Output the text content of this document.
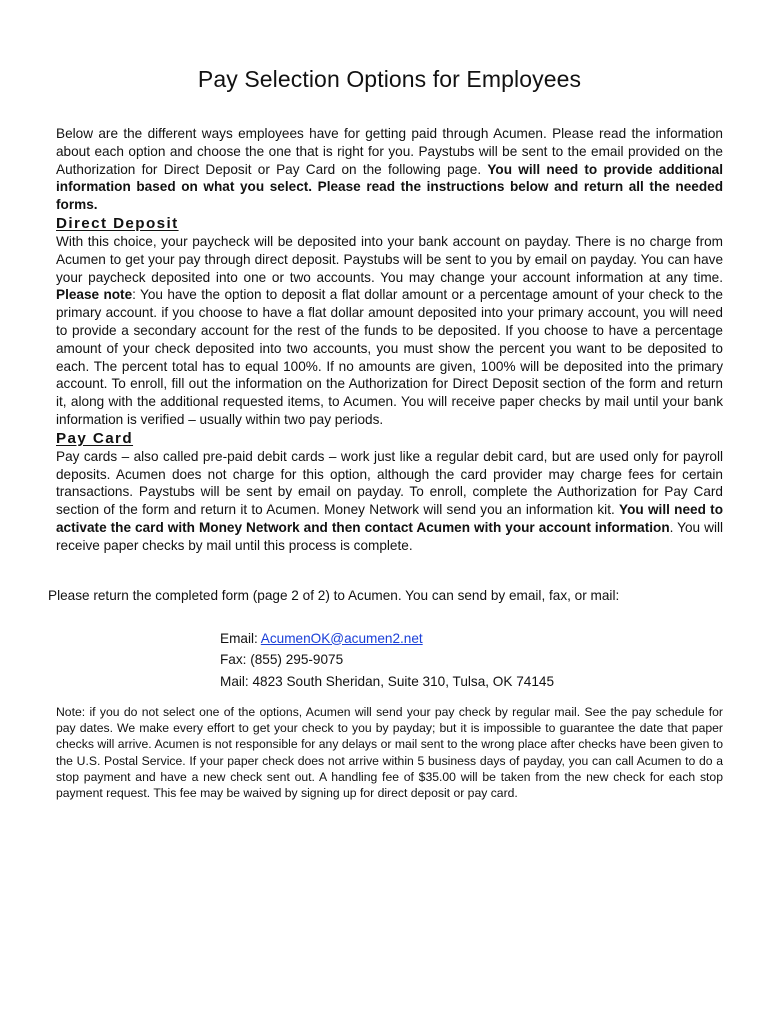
Pay Selection Options for Employees

Below are the different ways employees have for getting paid through Acumen. Please read the information about each option and choose the one that is right for you. Paystubs will be sent to the email provided on the Authorization for Direct Deposit or Pay Card on the following page. You will need to provide additional information based on what you select. Please read the instructions below and return all the needed forms.

Direct Deposit

With this choice, your paycheck will be deposited into your bank account on payday. There is no charge from Acumen to get your pay through direct deposit. Paystubs will be sent to you by email on payday. You can have your paycheck deposited into one or two accounts. You may change your account information at any time. Please note: You have the option to deposit a flat dollar amount or a percentage amount of your check to the primary account. if you choose to have a flat dollar amount deposited into your primary account, you will need to provide a secondary account for the rest of the funds to be deposited. If you choose to have a percentage amount of your check deposited into two accounts, you must show the percent you want to be deposited to each. The percent total has to equal 100%. If no amounts are given, 100% will be deposited into the primary account. To enroll, fill out the information on the Authorization for Direct Deposit section of the form and return it, along with the additional requested items, to Acumen. You will receive paper checks by mail until your bank information is verified – usually within two pay periods.

Pay Card

Pay cards – also called pre-paid debit cards – work just like a regular debit card, but are used only for payroll deposits. Acumen does not charge for this option, although the card provider may charge fees for certain transactions. Paystubs will be sent by email on payday. To enroll, complete the Authorization for Pay Card section of the form and return it to Acumen. Money Network will send you an information kit. You will need to activate the card with Money Network and then contact Acumen with your account information. You will receive paper checks by mail until this process is complete.

Please return the completed form (page 2 of 2) to Acumen. You can send by email, fax, or mail:

Email: AcumenOK@acumen2.net
Fax: (855) 295-9075
Mail: 4823 South Sheridan, Suite 310, Tulsa, OK 74145

Note: if you do not select one of the options, Acumen will send your pay check by regular mail. See the pay schedule for pay dates. We make every effort to get your check to you by payday; but it is impossible to guarantee the date that paper checks will arrive. Acumen is not responsible for any delays or mail sent to the wrong place after checks have been given to the U.S. Postal Service. If your paper check does not arrive within 5 business days of payday, you can call Acumen to do a stop payment and have a new check sent out. A handling fee of $35.00 will be taken from the new check for each stop payment request. This fee may be waived by signing up for direct deposit or pay card.
